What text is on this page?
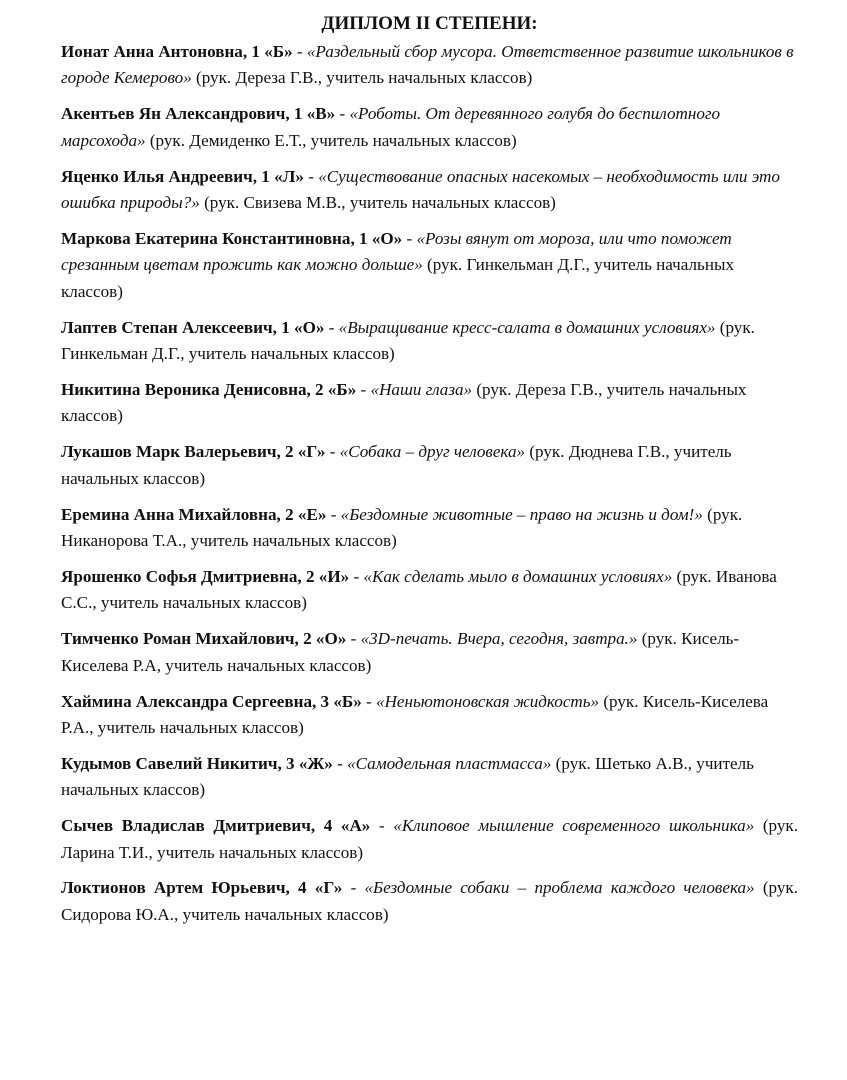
ДИПЛОМ II СТЕПЕНИ:

Ионат Анна Антоновна, 1 «Б» - «Раздельный сбор мусора. Ответственное развитие школьников в городе Кемерово» (рук. Дереза Г.В., учитель начальных классов)

Акентьев Ян Александрович, 1 «В» - «Роботы. От деревянного голубя до беспилотного марсохода» (рук. Демиденко Е.Т., учитель начальных классов)

Яценко Илья Андреевич, 1 «Л» - «Существование опасных насекомых – необходимость или это ошибка природы?» (рук. Свизева М.В., учитель начальных классов)

Маркова Екатерина Константиновна, 1 «О» - «Розы вянут от мороза, или что поможет срезанным цветам прожить как можно дольше» (рук. Гинкельман Д.Г., учитель начальных классов)

Лаптев Степан Алексеевич, 1 «О» - «Выращивание кресс-салата в домашних условиях» (рук. Гинкельман Д.Г., учитель начальных классов)

Никитина Вероника Денисовна, 2 «Б» - «Наши глаза» (рук. Дереза Г.В., учитель начальных классов)

Лукашов Марк Валерьевич, 2 «Г» - «Собака – друг человека» (рук. Дюднева Г.В., учитель начальных классов)

Еремина Анна Михайловна, 2 «Е» - «Бездомные животные – право на жизнь и дом!» (рук. Никанорова Т.А., учитель начальных классов)

Ярошенко Софья Дмитриевна, 2 «И» - «Как сделать мыло в домашних условиях» (рук. Иванова С.С., учитель начальных классов)

Тимченко Роман Михайлович, 2 «О» - «3D-печать. Вчера, сегодня, завтра.» (рук. Кисель-Киселева Р.А, учитель начальных классов)

Хаймина Александра Сергеевна, 3 «Б» - «Неньютоновская жидкость» (рук. Кисель-Киселева Р.А., учитель начальных классов)

Кудымов Савелий Никитич, 3 «Ж» - «Самодельная пластмасса» (рук. Шетько А.В., учитель начальных классов)

Сычев Владислав Дмитриевич, 4 «А» - «Клиповое мышление современного школьника» (рук. Ларина Т.И., учитель начальных классов)

Локтионов Артем Юрьевич, 4 «Г» - «Бездомные собаки – проблема каждого человека» (рук. Сидорова Ю.А., учитель начальных классов)
